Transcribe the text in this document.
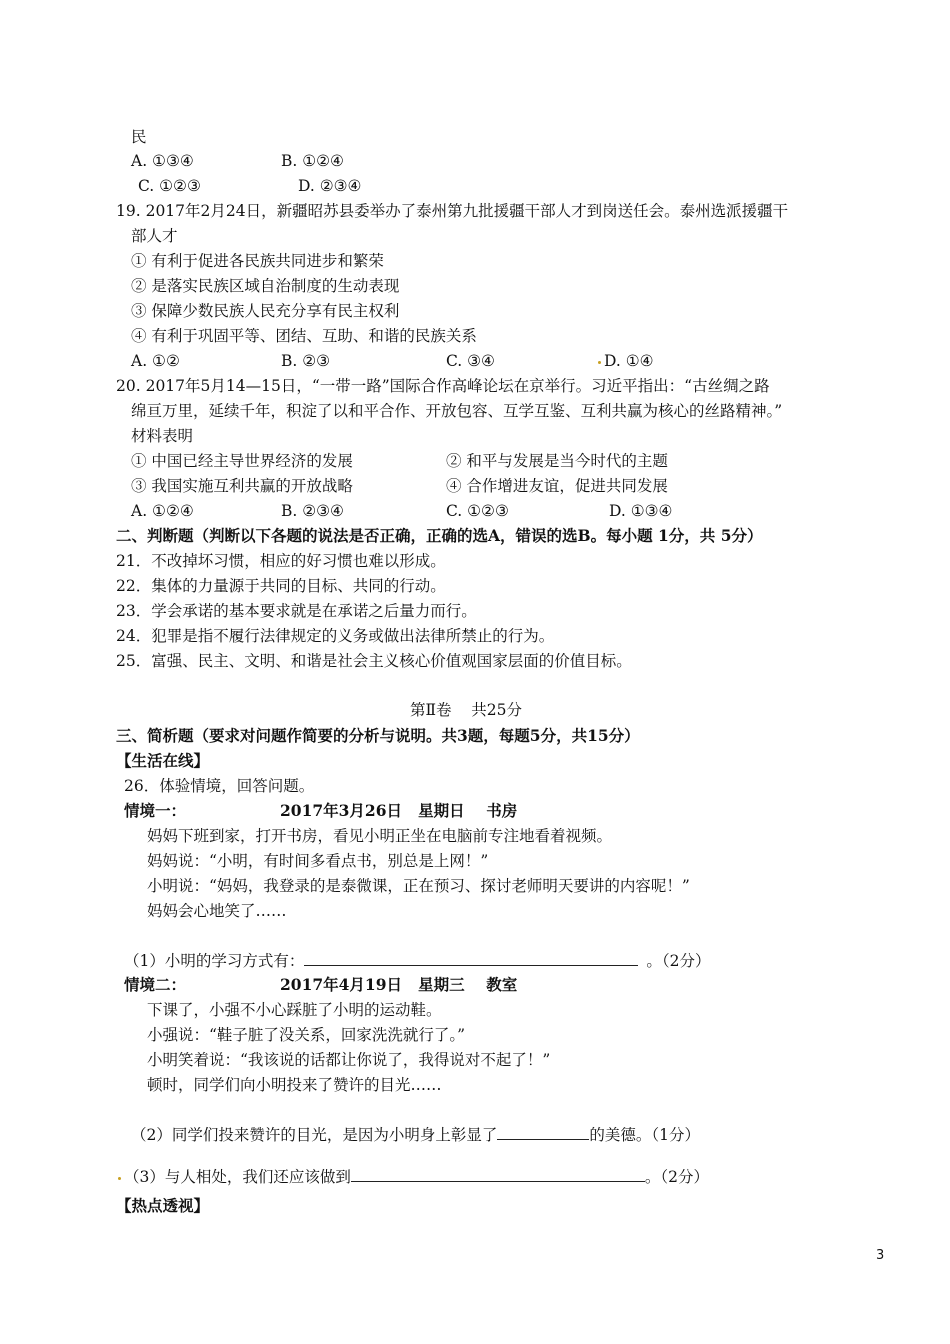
民
A. ①③④	B. ①②④
C. ①②③	D. ②③④
19. 2017年2月24日，新疆昭苏县委举办了泰州第九批援疆干部人才到岗送任会。泰州选派援疆干
部人才
① 有利于促进各民族共同进步和繁荣
② 是落实民族区域自治制度的生动表现
③ 保障少数民族人民充分享有民主权利
④ 有利于巩固平等、团结、互助、和谐的民族关系
A. ①②	B. ②③	C. ③④	D. ①④
20. 2017年5月14—15日，“一带一路”国际合作高峰论坛在京举行。习近平指出：“古丝绸之路
绵亘万里，延续千年，积淀了以和平合作、开放包容、互学互鉴、互利共赢为核心的丝路精神。”
材料表明
① 中国已经主导世界经济的发展	② 和平与发展是当今时代的主题
③ 我国实施互利共赢的开放战略	④ 合作增进友谊，促进共同发展
A. ①②④	B. ②③④	C. ①②③	D. ①③④
二、判断题（判断以下各题的说法是否正确，正确的选A，错误的选B。每小题 1分，共 5分）
21．不改掉坏习惯，相应的好习惯也难以形成。
22．集体的力量源于共同的目标、共同的行动。
23．学会承诺的基本要求就是在承诺之后量力而行。
24．犯罪是指不履行法律规定的义务或做出法律所禁止的行为。
25．富强、民主、文明、和谐是社会主义核心价值观国家层面的价值目标。
第Ⅱ卷    共25分
三、简析题（要求对问题作简要的分析与说明。共3题，每题5分，共15分）
【生活在线】
26．体验情境，回答问题。
情境一：	2017年3月26日   星期日    书房
妈妈下班到家，打开书房，看见小明正坐在电脑前专注地看着视频。
妈妈说：“小明，有时间多看点书，别总是上网！”
小明说：“妈妈，我登录的是泰微课，正在预习、探讨老师明天要讲的内容呢！”
妈妈会心地笑了……
（1）小明的学习方式有：	。（2分）
情境二：	2017年4月19日   星期三    教室
下课了，小强不小心踩脏了小明的运动鞋。
小强说：“鞋子脏了没关系，回家洗洗就行了。”
小明笑着说：“我该说的话都让你说了，我得说对不起了！”
顿时，同学们向小明投来了赞许的目光……
（2）同学们投来赞许的目光，是因为小明身上彰显了	的美德。（1分）
（3）与人相处，我们还应该做到	。（2分）
【热点透视】
3
